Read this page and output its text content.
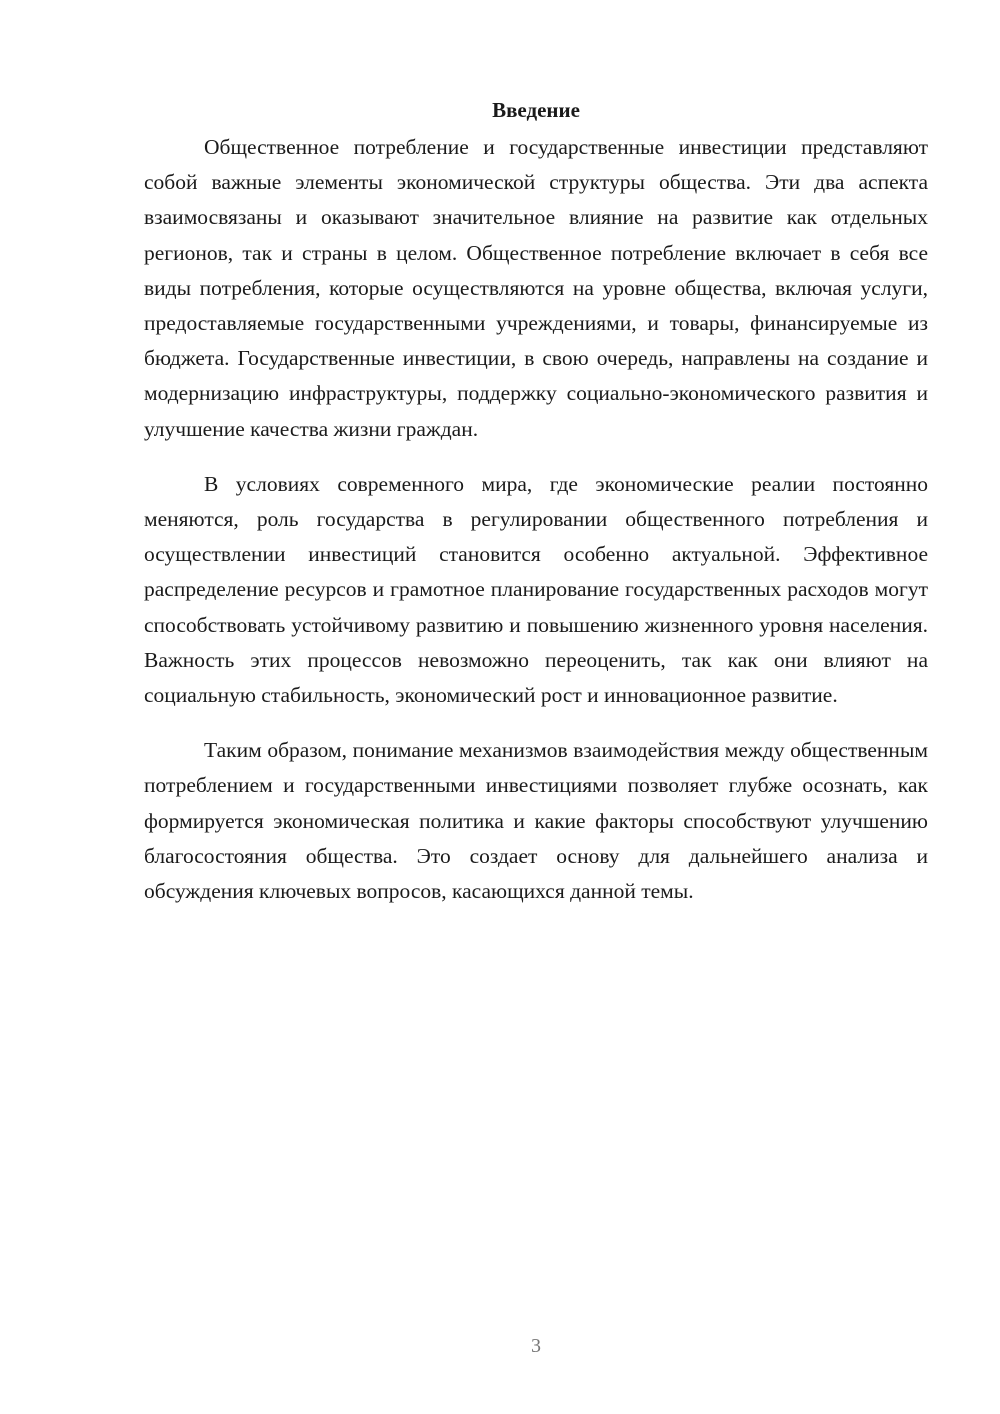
Введение

Общественное потребление и государственные инвестиции представляют собой важные элементы экономической структуры общества. Эти два аспекта взаимосвязаны и оказывают значительное влияние на развитие как отдельных регионов, так и страны в целом. Общественное потребление включает в себя все виды потребления, которые осуществляются на уровне общества, включая услуги, предоставляемые государственными учреждениями, и товары, финансируемые из бюджета. Государственные инвестиции, в свою очередь, направлены на создание и модернизацию инфраструктуры, поддержку социально-экономического развития и улучшение качества жизни граждан.

В условиях современного мира, где экономические реалии постоянно меняются, роль государства в регулировании общественного потребления и осуществлении инвестиций становится особенно актуальной. Эффективное распределение ресурсов и грамотное планирование государственных расходов могут способствовать устойчивому развитию и повышению жизненного уровня населения. Важность этих процессов невозможно переоценить, так как они влияют на социальную стабильность, экономический рост и инновационное развитие.

Таким образом, понимание механизмов взаимодействия между общественным потреблением и государственными инвестициями позволяет глубже осознать, как формируется экономическая политика и какие факторы способствуют улучшению благосостояния общества. Это создает основу для дальнейшего анализа и обсуждения ключевых вопросов, касающихся данной темы.

3
